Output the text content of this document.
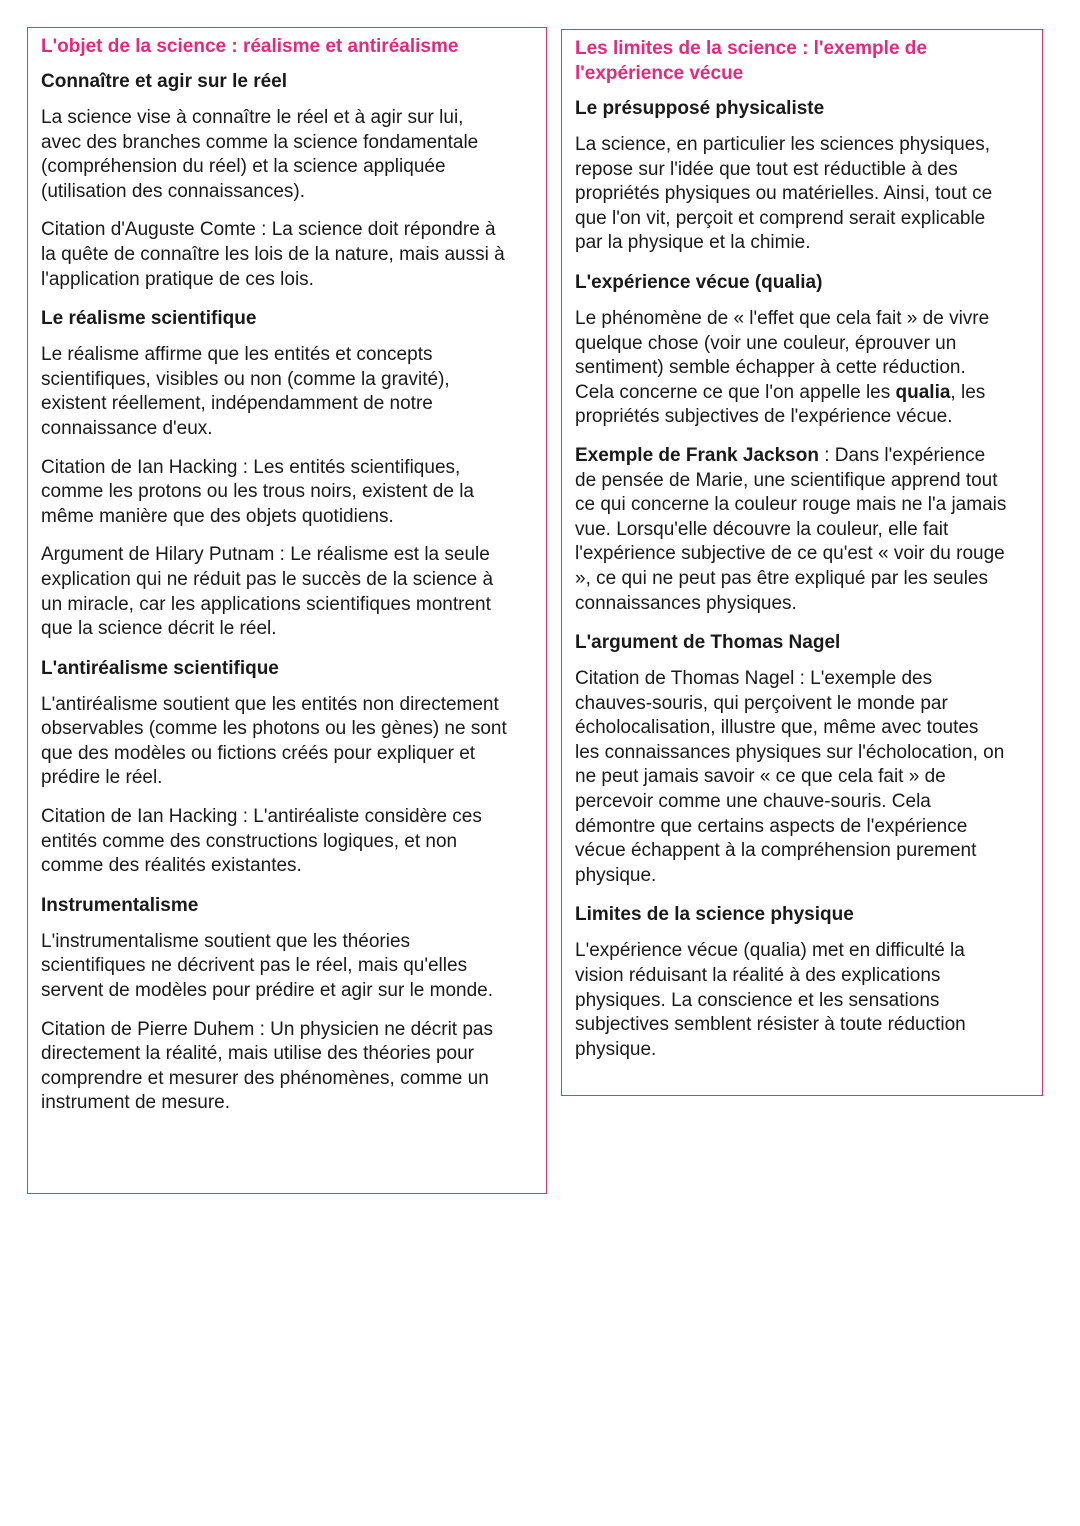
L'objet de la science : réalisme et antiréalisme
Connaître et agir sur le réel
La science vise à connaître le réel et à agir sur lui,
avec des branches comme la science fondamentale
(compréhension du réel) et la science appliquée
(utilisation des connaissances).
Citation d'Auguste Comte : La science doit répondre à
la quête de connaître les lois de la nature, mais aussi à
l'application pratique de ces lois.
Le réalisme scientifique
Le réalisme affirme que les entités et concepts
scientifiques, visibles ou non (comme la gravité),
existent réellement, indépendamment de notre
connaissance d'eux.
Citation de Ian Hacking : Les entités scientifiques,
comme les protons ou les trous noirs, existent de la
même manière que des objets quotidiens.
Argument de Hilary Putnam : Le réalisme est la seule
explication qui ne réduit pas le succès de la science à
un miracle, car les applications scientifiques montrent
que la science décrit le réel.
L'antiréalisme scientifique
L'antiréalisme soutient que les entités non directement
observables (comme les photons ou les gènes) ne sont
que des modèles ou fictions créés pour expliquer et
prédire le réel.
Citation de Ian Hacking : L'antiréaliste considère ces
entités comme des constructions logiques, et non
comme des réalités existantes.
Instrumentalisme
L'instrumentalisme soutient que les théories
scientifiques ne décrivent pas le réel, mais qu'elles
servent de modèles pour prédire et agir sur le monde.
Citation de Pierre Duhem : Un physicien ne décrit pas
directement la réalité, mais utilise des théories pour
comprendre et mesurer des phénomènes, comme un
instrument de mesure.
Les limites de la science : l'exemple de
l'expérience vécue
Le présupposé physicaliste
La science, en particulier les sciences physiques,
repose sur l'idée que tout est réductible à des
propriétés physiques ou matérielles. Ainsi, tout ce
que l'on vit, perçoit et comprend serait explicable
par la physique et la chimie.
L'expérience vécue (qualia)
Le phénomène de « l'effet que cela fait » de vivre
quelque chose (voir une couleur, éprouver un
sentiment) semble échapper à cette réduction.
Cela concerne ce que l'on appelle les qualia, les
propriétés subjectives de l'expérience vécue.
Exemple de Frank Jackson : Dans l'expérience
de pensée de Marie, une scientifique apprend tout
ce qui concerne la couleur rouge mais ne l'a jamais
vue. Lorsqu'elle découvre la couleur, elle fait
l'expérience subjective de ce qu'est « voir du rouge
», ce qui ne peut pas être expliqué par les seules
connaissances physiques.
L'argument de Thomas Nagel
Citation de Thomas Nagel : L'exemple des
chauves-souris, qui perçoivent le monde par
écholocalisation, illustre que, même avec toutes
les connaissances physiques sur l'écholocation, on
ne peut jamais savoir « ce que cela fait » de
percevoir comme une chauve-souris. Cela
démontre que certains aspects de l'expérience
vécue échappent à la compréhension purement
physique.
Limites de la science physique
L'expérience vécue (qualia) met en difficulté la
vision réduisant la réalité à des explications
physiques. La conscience et les sensations
subjectives semblent résister à toute réduction
physique.
